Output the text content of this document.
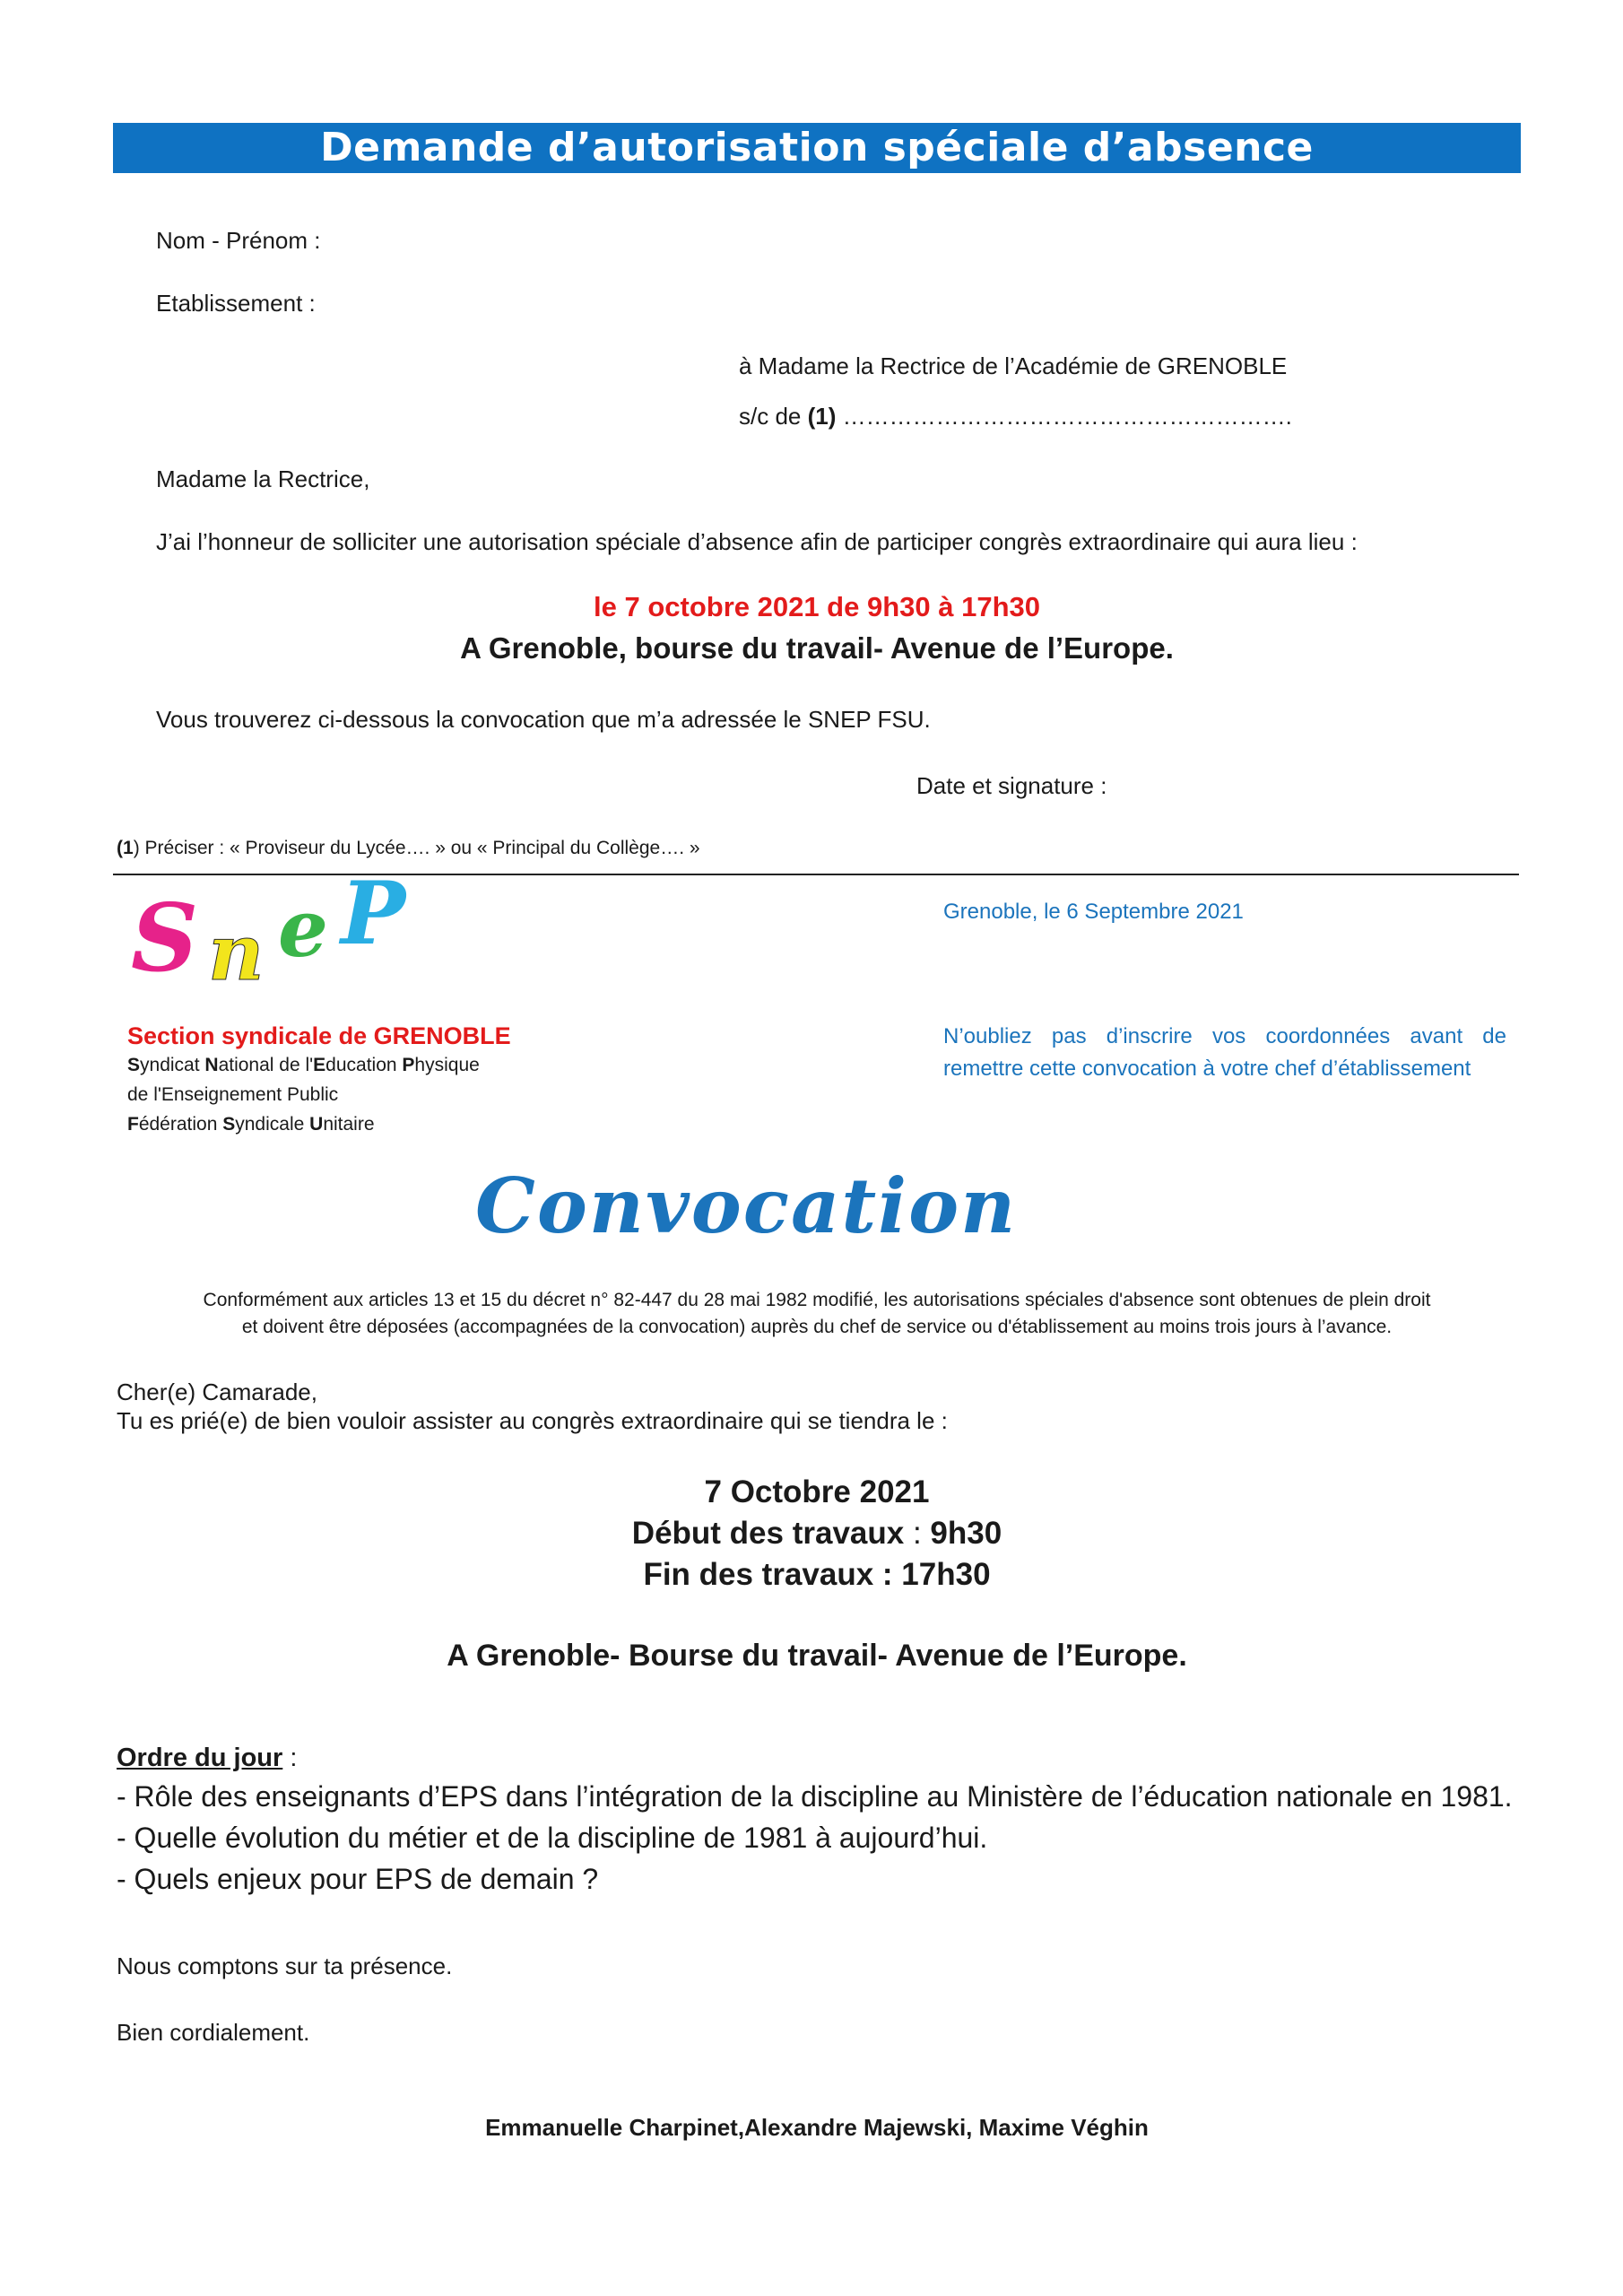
Demande d’autorisation spéciale d’absence
Nom - Prénom :
Etablissement :
à Madame la Rectrice de l’Académie de GRENOBLE
s/c de (1) ………………………………………………….
Madame la Rectrice,
J’ai l’honneur de solliciter une autorisation spéciale d’absence afin de participer congrès extraordinaire qui aura lieu :
le 7 octobre 2021 de 9h30 à 17h30
A Grenoble, bourse du travail- Avenue de l’Europe.
Vous trouverez ci-dessous la convocation que m’a adressée le SNEP FSU.
Date et signature :
(1) Préciser : « Proviseur du Lycée…. » ou « Principal du Collège…. »
S n e P	Grenoble, le 6 Septembre 2021
Section syndicale de GRENOBLE
Syndicat National de l'Education Physique
de l'Enseignement Public
Fédération Syndicale Unitaire
N’oubliez pas d’inscrire vos coordonnées avant de remettre cette convocation à votre chef d’établissement
Convocation
Conformément aux articles 13 et 15 du décret n° 82-447 du 28 mai 1982 modifié, les autorisations spéciales d'absence sont obtenues de plein droit
et doivent être déposées (accompagnées de la convocation) auprès du chef de service ou d'établissement au moins trois jours à l’avance.
Cher(e) Camarade,
Tu es prié(e) de bien vouloir assister au congrès extraordinaire qui se tiendra le :
7 Octobre 2021
Début des travaux : 9h30
Fin des travaux : 17h30
A Grenoble- Bourse du travail- Avenue de l’Europe.
Ordre du jour :
- Rôle des enseignants d’EPS dans l’intégration de la discipline au Ministère de l’éducation nationale en 1981.
- Quelle évolution du métier et de la discipline de 1981 à aujourd’hui.
- Quels enjeux pour EPS de demain ?
Nous comptons sur ta présence.
Bien cordialement.
Emmanuelle Charpinet,Alexandre Majewski, Maxime Véghin
